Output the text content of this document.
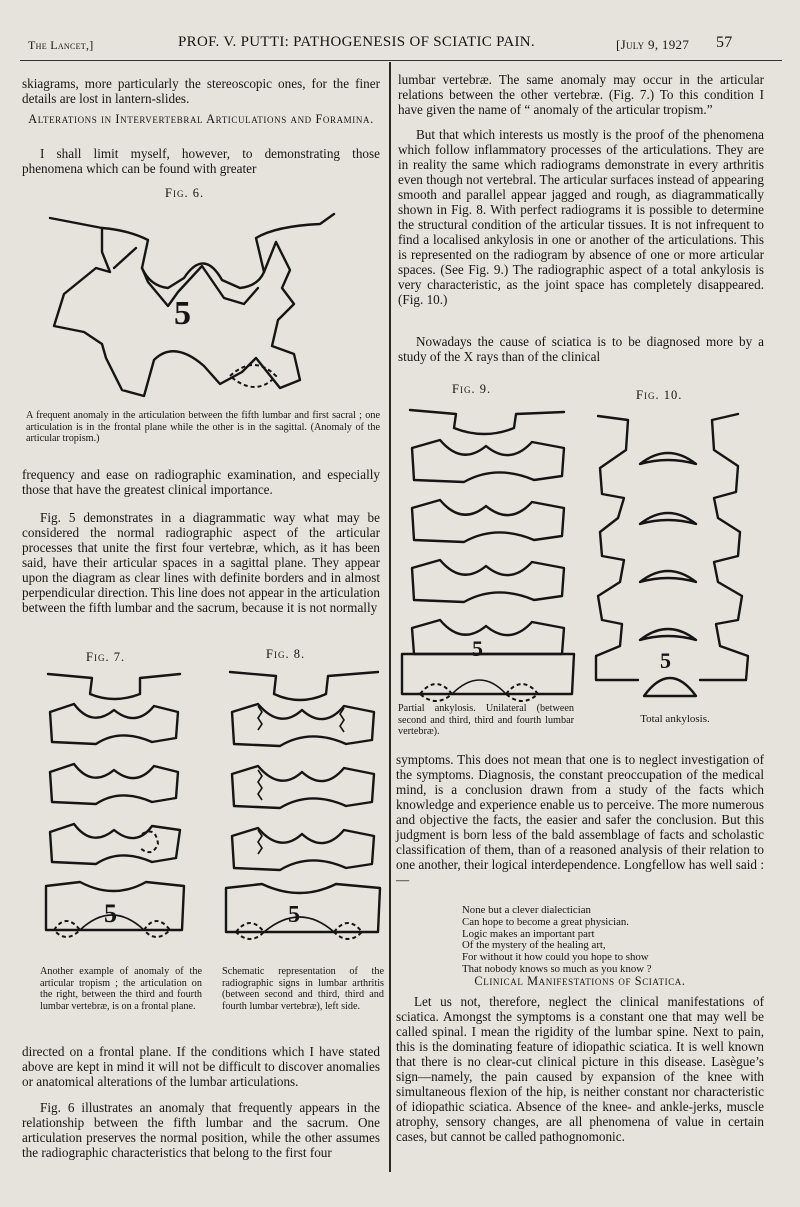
The Lancet,]	PROF. V. PUTTI: PATHOGENESIS OF SCIATIC PAIN.	[July 9, 1927 57

skiagrams, more particularly the stereoscopic ones, for the finer details are lost in lantern-slides.

Alterations in Intervertebral Articulations and Foramina.

I shall limit myself, however, to demonstrating those phenomena which can be found with greater

Fig. 6.
5
A frequent anomaly in the articulation between the fifth lumbar and first sacral ; one articulation is in the frontal plane while the other is in the sagittal. (Anomaly of the articular tropism.)

frequency and ease on radiographic examination, and especially those that have the greatest clinical importance.

Fig. 5 demonstrates in a diagrammatic way what may be considered the normal radiographic aspect of the articular processes that unite the first four vertebræ, which, as it has been said, have their articular spaces in a sagittal plane. They appear upon the diagram as clear lines with definite borders and in almost perpendicular direction. This line does not appear in the articulation between the fifth lumbar and the sacrum, because it is not normally

Fig. 7.	Fig. 8.
5
Another example of anomaly of the articular tropism ; the articulation on the right, between the third and fourth lumbar vertebræ, is on a frontal plane.
5
Schematic representation of the radiographic signs in lumbar arthritis (between second and third, third and fourth lumbar vertebræ), left side.

directed on a frontal plane. If the conditions which I have stated above are kept in mind it will not be difficult to discover anomalies or anatomical alterations of the lumbar articulations.

Fig. 6 illustrates an anomaly that frequently appears in the relationship between the fifth lumbar and the sacrum. One articulation preserves the normal position, while the other assumes the radiographic characteristics that belong to the first four

lumbar vertebræ. The same anomaly may occur in the articular relations between the other vertebræ. (Fig. 7.) To this condition I have given the name of “ anomaly of the articular tropism.”

But that which interests us mostly is the proof of the phenomena which follow inflammatory processes of the articulations. They are in reality the same which radiograms demonstrate in every arthritis even though not vertebral. The articular surfaces instead of appearing smooth and parallel appear jagged and rough, as diagrammatically shown in Fig. 8. With perfect radiograms it is possible to determine the structural condition of the articular tissues. It is not infrequent to find a localised ankylosis in one or another of the articulations. This is represented on the radiogram by absence of one or more articular spaces. (See Fig. 9.) The radiographic aspect of a total ankylosis is very characteristic, as the joint space has completely disappeared. (Fig. 10.)

Nowadays the cause of sciatica is to be diagnosed more by a study of the X rays than of the clinical

Fig. 9.	Fig. 10.
5
Partial ankylosis. Unilateral (between second and third, third and fourth lumbar vertebræ).
5
Total ankylosis.

symptoms. This does not mean that one is to neglect investigation of the symptoms. Diagnosis, the constant preoccupation of the medical mind, is a conclusion drawn from a study of the facts which knowledge and experience enable us to perceive. The more numerous and objective the facts, the easier and safer the conclusion. But this judgment is born less of the bald assemblage of facts and scholastic classification of them, than of a reasoned analysis of their relation to one another, their logical interdependence. Longfellow has well said :—

None but a clever dialectician
Can hope to become a great physician.
Logic makes an important part
Of the mystery of the healing art,
For without it how could you hope to show
That nobody knows so much as you know ?
Clinical Manifestations of Sciatica.

Let us not, therefore, neglect the clinical manifestations of sciatica. Amongst the symptoms is a constant one that may well be called spinal. I mean the rigidity of the lumbar spine. Next to pain, this is the dominating feature of idiopathic sciatica. It is well known that there is no clear-cut clinical picture in this disease. Lasègue’s sign—namely, the pain caused by expansion of the knee with simultaneous flexion of the hip, is neither constant nor characteristic of idiopathic sciatica. Absence of the knee- and ankle-jerks, muscle atrophy, sensory changes, are all phenomena of value in certain cases, but cannot be called pathognomonic.
